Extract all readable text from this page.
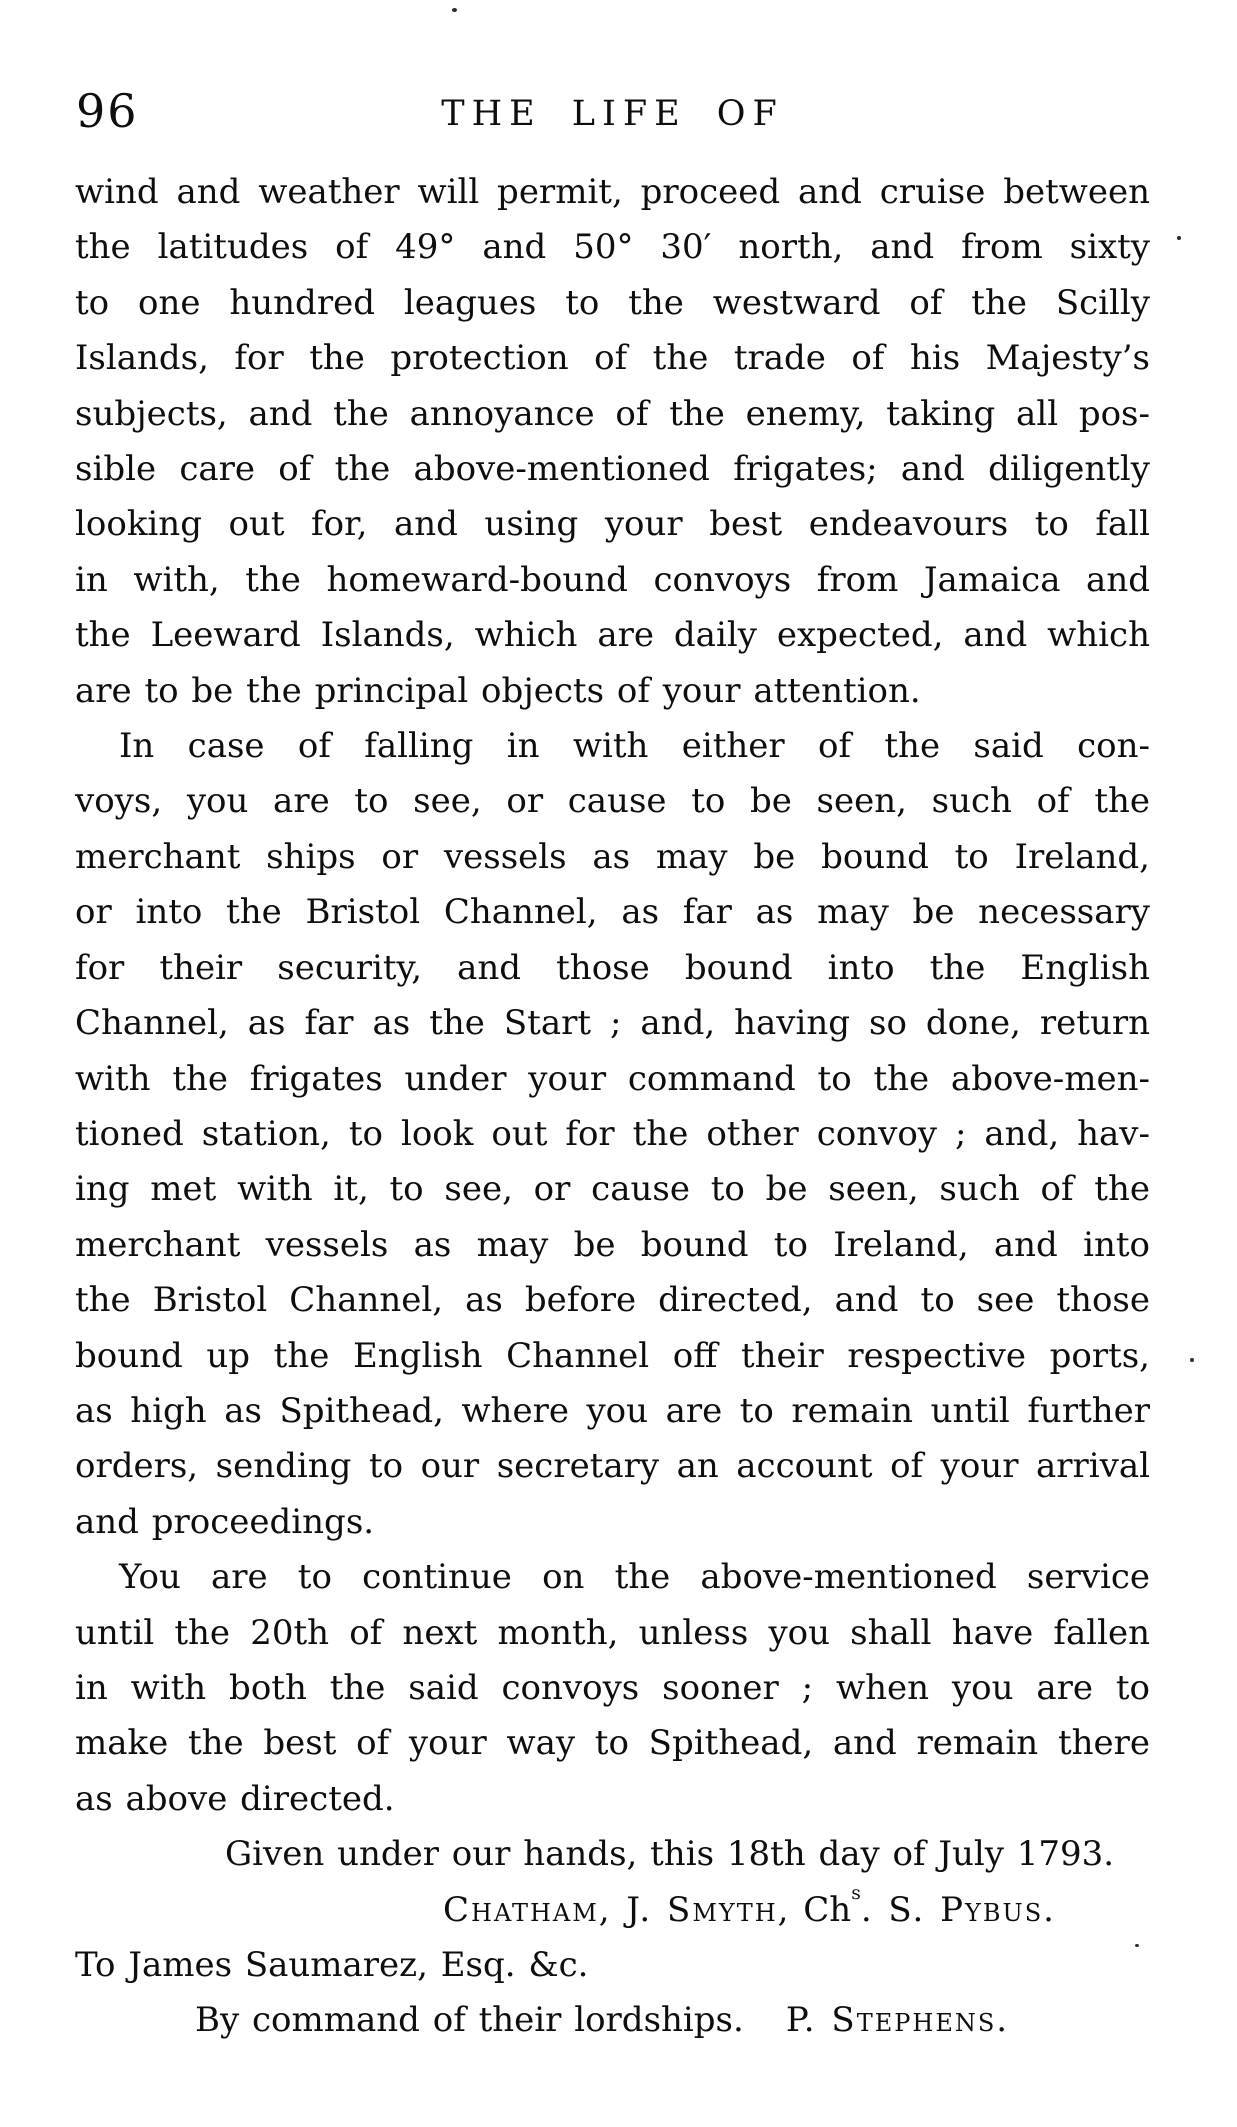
96	THE LIFE OF
wind and weather will permit, proceed and cruise between
the latitudes of 49° and 50° 30′ north, and from sixty
to one hundred leagues to the westward of the Scilly
Islands, for the protection of the trade of his Majesty’s
subjects, and the annoyance of the enemy, taking all pos-
sible care of the above-mentioned frigates; and diligently
looking out for, and using your best endeavours to fall
in with, the homeward-bound convoys from Jamaica and
the Leeward Islands, which are daily expected, and which
are to be the principal objects of your attention.
In case of falling in with either of the said con-
voys, you are to see, or cause to be seen, such of the
merchant ships or vessels as may be bound to Ireland,
or into the Bristol Channel, as far as may be necessary
for their security, and those bound into the English
Channel, as far as the Start ; and, having so done, return
with the frigates under your command to the above-men-
tioned station, to look out for the other convoy ; and, hav-
ing met with it, to see, or cause to be seen, such of the
merchant vessels as may be bound to Ireland, and into
the Bristol Channel, as before directed, and to see those
bound up the English Channel off their respective ports,
as high as Spithead, where you are to remain until further
orders, sending to our secretary an account of your arrival
and proceedings.
You are to continue on the above-mentioned service
until the 20th of next month, unless you shall have fallen
in with both the said convoys sooner ; when you are to
make the best of your way to Spithead, and remain there
as above directed.
Given under our hands, this 18th day of July 1793.
Chatham, J. Smyth, Ch$^s$. S. Pybus.
To James Saumarez, Esq. &c.
By command of their lordships. P. Stephens.
